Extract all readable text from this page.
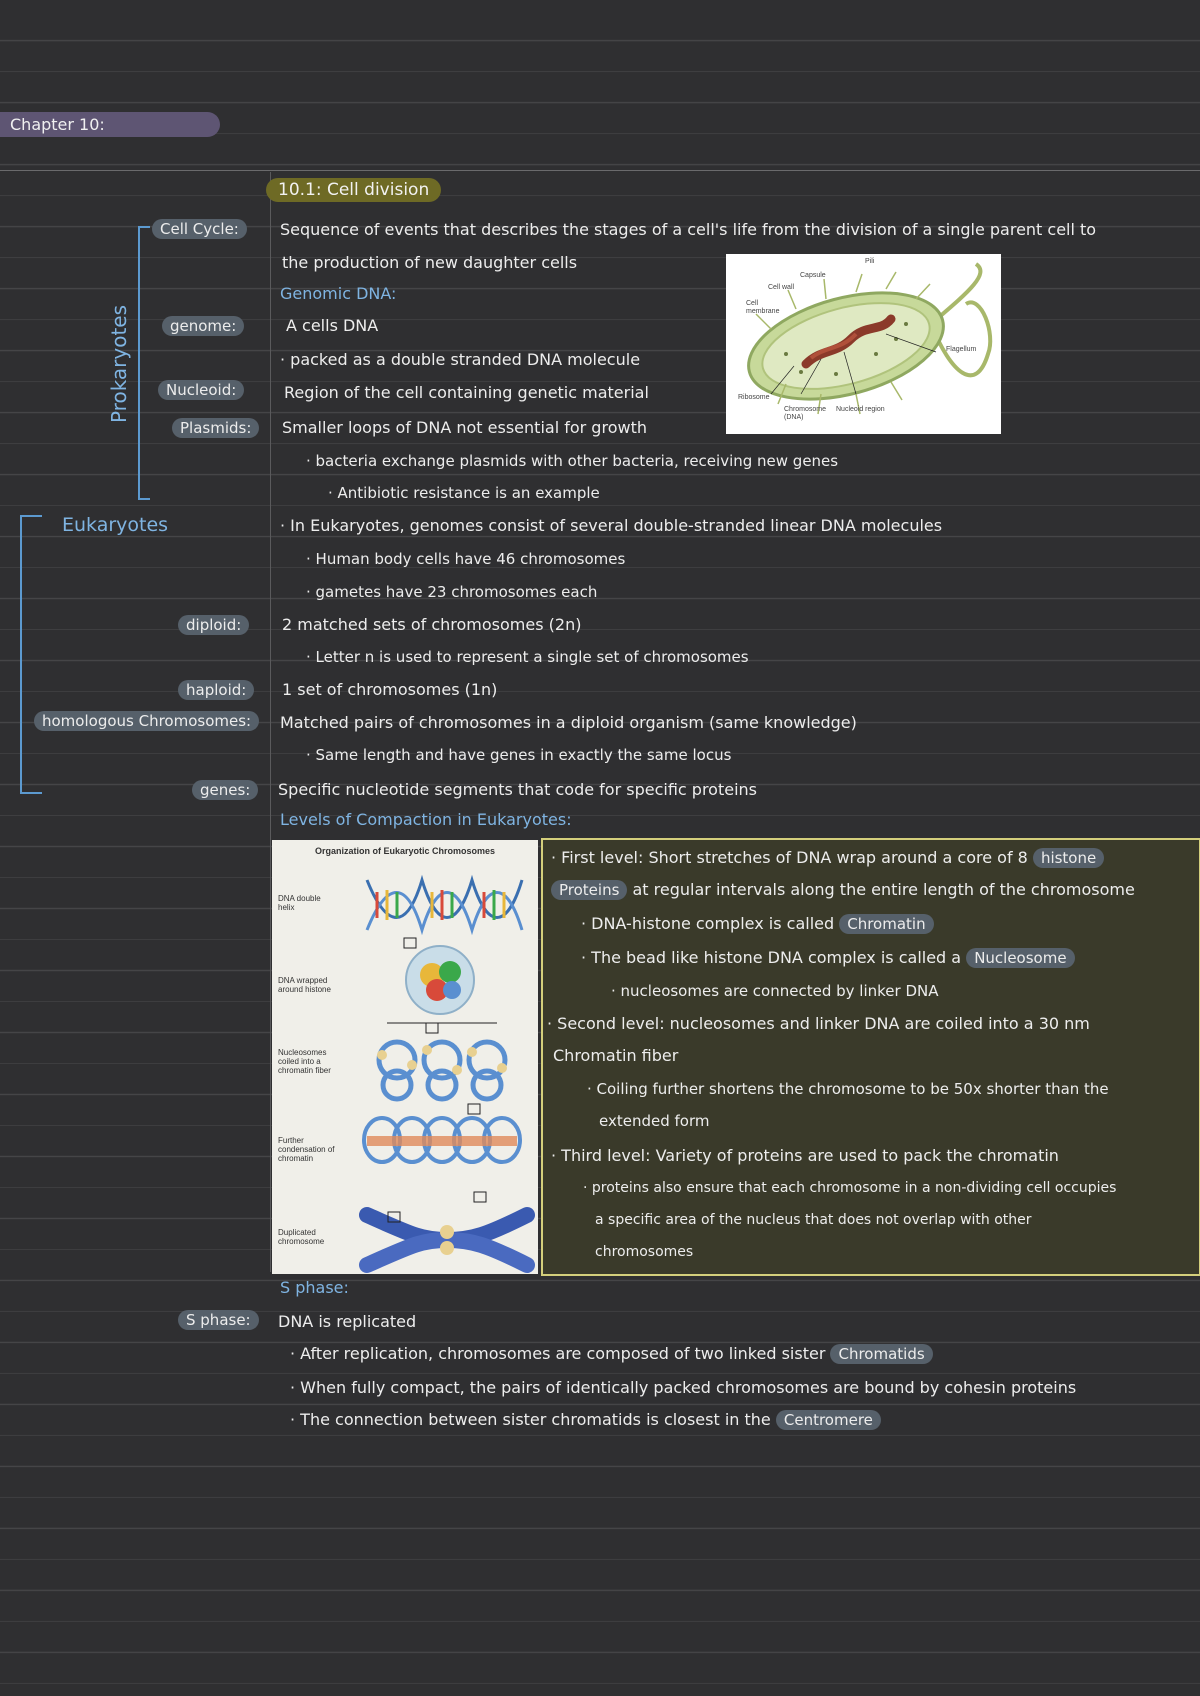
Chapter 10:
10.1: Cell division
Prokaryotes
Eukaryotes
Cell Cycle:
genome:
Nucleoid:
Plasmids:
diploid:
haploid:
homologous Chromosomes:
genes:
S phase:
Sequence of events that describes the stages of a cell's life from the division of a single parent cell to
the production of new daughter cells
Genomic DNA:
A cells DNA
· packed as a double stranded DNA molecule
Region of the cell containing genetic material
Smaller loops of DNA not essential for growth
· bacteria exchange plasmids with other bacteria, receiving new genes
· Antibiotic resistance is an example
· In Eukaryotes, genomes consist of several double-stranded linear DNA molecules
· Human body cells have 46 chromosomes
· gametes have 23 chromosomes each
2 matched sets of chromosomes (2n)
· Letter n is used to represent a single set of chromosomes
1 set of chromosomes (1n)
Matched pairs of chromosomes in a diploid organism (same knowledge)
· Same length and have genes in exactly the same locus
Specific nucleotide segments that code for specific proteins
Levels of Compaction in Eukaryotes:
Pili
Capsule
Cell wall
Cell membrane
Flagellum
Ribosome
Chromosome (DNA)
Nucleoid region
Organization of Eukaryotic Chromosomes
DNA double helix
DNA wrapped around histone
Nucleosomes coiled into a chromatin fiber
Further condensation of chromatin
Duplicated chromosome
· First level: Short stretches of DNA wrap around a core of 8 histone
Proteins at regular intervals along the entire length of the chromosome
· DNA-histone complex is called Chromatin
· The bead like histone DNA complex is called a Nucleosome
· nucleosomes are connected by linker DNA
· Second level: nucleosomes and linker DNA are coiled into a 30 nm
Chromatin fiber
· Coiling further shortens the chromosome to be 50x shorter than the
extended form
· Third level: Variety of proteins are used to pack the chromatin
· proteins also ensure that each chromosome in a non-dividing cell occupies
a specific area of the nucleus that does not overlap with other
chromosomes
S phase:
DNA is replicated
· After replication, chromosomes are composed of two linked sister Chromatids
· When fully compact, the pairs of identically packed chromosomes are bound by cohesin proteins
· The connection between sister chromatids is closest in the Centromere
